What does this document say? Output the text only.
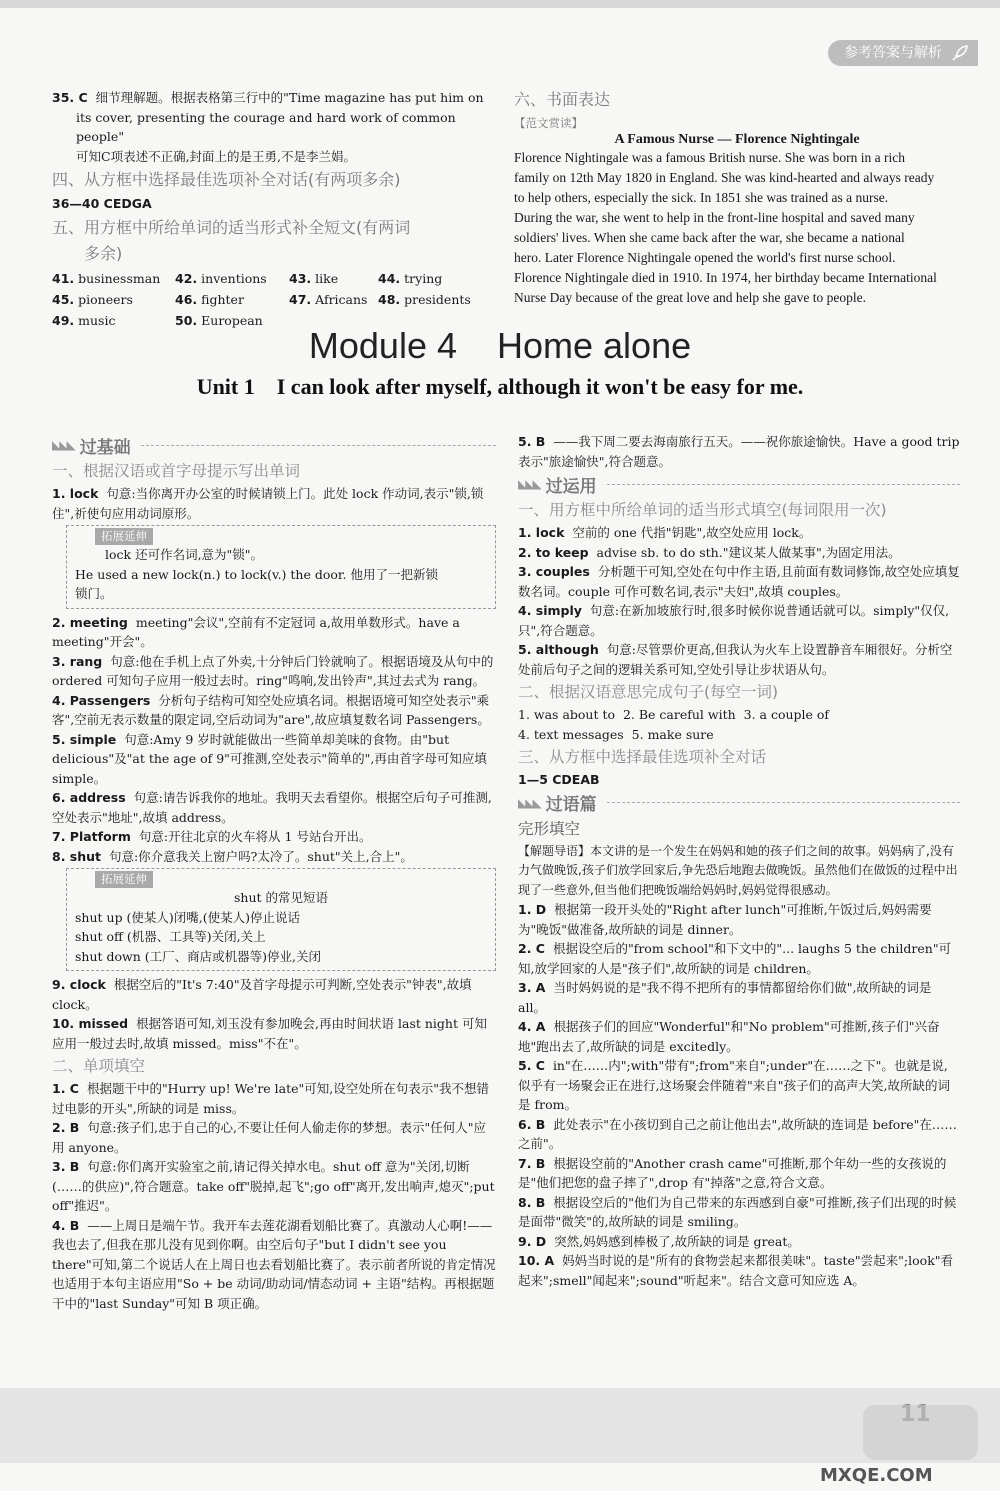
参考答案与解析

35. C 细节理解题。根据表格第三行中的"Time magazine has put him on

its cover, presenting the courage and hard work of common people"

可知C项表述不正确,封面上的是王勇,不是李兰娟。

四、从方框中选择最佳选项补全对话(有两项多余)

36—40 CEDGA

五、用方框中所给单词的适当形式补全短文(有两词
多余)
41. businessman	42. inventions	43. like	44. trying
45. pioneers	46. fighter	47. Africans 48. presidents
49. music	50. European
六、书面表达
【范文赏读】
A Famous Nurse — Florence Nightingale

Florence Nightingale was a famous British nurse. She was born in a rich

family on 12th May 1820 in England. She was kind-hearted and always ready

to help others, especially the sick. In 1851 she was trained as a nurse.

During the war, she went to help in the front-line hospital and saved many

soldiers' lives. When she came back after the war, she became a national

hero. Later Florence Nightingale opened the world's first nurse school.

Florence Nightingale died in 1910. In 1974, her birthday became International

Nurse Day because of the great love and help she gave to people.

Module 4    Home alone
Unit 1    I can look after myself, although it won't be easy for me.
◣◣◣ 过基础
一、根据汉语或首字母提示写出单词

1. lock 句意:当你离开办公室的时候请锁上门。此处 lock 作动词,表示"锁,锁住",祈使句应用动词原形。

拓展延伸

lock 还可作名词,意为"锁"。

He used a new lock(n.) to lock(v.) the door. 他用了一把新锁

锁门。

2. meeting meeting"会议",空前有不定冠词 a,故用单数形式。have a meeting"开会"。

3. rang 句意:他在手机上点了外卖,十分钟后门铃就响了。根据语境及从句中的 ordered 可知句子应用一般过去时。ring"鸣响,发出铃声",其过去式为 rang。

4. Passengers 分析句子结构可知空处应填名词。根据语境可知空处表示"乘客",空前无表示数量的限定词,空后动词为"are",故应填复数名词 Passengers。

5. simple 句意:Amy 9 岁时就能做出一些简单却美味的食物。由"but delicious"及"at the age of 9"可推测,空处表示"简单的",再由首字母可知应填 simple。

6. address 句意:请告诉我你的地址。我明天去看望你。根据空后句子可推测,空处表示"地址",故填 address。

7. Platform 句意:开往北京的火车将从 1 号站台开出。

8. shut 句意:你介意我关上窗户吗?太冷了。shut"关上,合上"。

拓展延伸

shut 的常见短语

shut up (使某人)闭嘴,(使某人)停止说话

shut off (机器、工具等)关闭,关上

shut down (工厂、商店或机器等)停业,关闭

9. clock 根据空后的"It's 7:40"及首字母提示可判断,空处表示"钟表",故填 clock。

10. missed 根据答语可知,刘玉没有参加晚会,再由时间状语 last night 可知应用一般过去时,故填 missed。miss"不在"。

二、单项填空

1. C 根据题干中的"Hurry up! We're late"可知,设空处所在句表示"我不想错过电影的开头",所缺的词是 miss。

2. B 句意:孩子们,忠于自己的心,不要让任何人偷走你的梦想。表示"任何人"应用 anyone。

3. B 句意:你们离开实验室之前,请记得关掉水电。shut off 意为"关闭,切断(……的供应)",符合题意。take off"脱掉,起飞";go off"离开,发出响声,熄灭";put off"推迟"。

4. B ——上周日是端午节。我开车去莲花湖看划船比赛了。真激动人心啊!——我也去了,但我在那儿没有见到你啊。由空后句子"but I didn't see you there"可知,第二个说话人在上周日也去看划船比赛了。表示前者所说的肯定情况也适用于本句主语应用"So + be 动词/助动词/情态动词 + 主语"结构。再根据题干中的"last Sunday"可知 B 项正确。

5. B ——我下周二要去海南旅行五天。——祝你旅途愉快。Have a good trip 表示"旅途愉快",符合题意。

◣◣◣ 过运用
一、用方框中所给单词的适当形式填空(每词限用一次)

1. lock 空前的 one 代指"钥匙",故空处应用 lock。

2. to keep advise sb. to do sth."建议某人做某事",为固定用法。

3. couples 分析题干可知,空处在句中作主语,且前面有数词修饰,故空处应填复数名词。couple 可作可数名词,表示"夫妇",故填 couples。

4. simply 句意:在新加坡旅行时,很多时候你说普通话就可以。simply"仅仅,只",符合题意。

5. although 句意:尽管票价更高,但我认为火车上设置静音车厢很好。分析空处前后句子之间的逻辑关系可知,空处引导让步状语从句。

二、根据汉语意思完成句子(每空一词)

1. was about to 2. Be careful with 3. a couple of

4. text messages 5. make sure

三、从方框中选择最佳选项补全对话

1—5 CDEAB

◣◣◣ 过语篇
完形填空

【解题导语】本文讲的是一个发生在妈妈和她的孩子们之间的故事。妈妈病了,没有力气做晚饭,孩子们放学回家后,争先恐后地跑去做晚饭。虽然他们在做饭的过程中出现了一些意外,但当他们把晚饭端给妈妈时,妈妈觉得很感动。

1. D 根据第一段开头处的"Right after lunch"可推断,午饭过后,妈妈需要为"晚饭"做准备,故所缺的词是 dinner。

2. C 根据设空后的"from school"和下文中的"... laughs 5 the children"可知,放学回家的人是"孩子们",故所缺的词是 children。

3. A 当时妈妈说的是"我不得不把所有的事情都留给你们做",故所缺的词是 all。

4. A 根据孩子们的回应"Wonderful"和"No problem"可推断,孩子们"兴奋地"跑出去了,故所缺的词是 excitedly。

5. C in"在……内";with"带有";from"来自";under"在……之下"。也就是说,似乎有一场聚会正在进行,这场聚会伴随着"来自"孩子们的高声大笑,故所缺的词是 from。

6. B 此处表示"在小孩切到自己之前让他出去",故所缺的连词是 before"在……之前"。

7. B 根据设空前的"Another crash came"可推断,那个年幼一些的女孩说的是"他们把您的盘子摔了",drop 有"掉落"之意,符合文意。

8. B 根据设空后的"他们为自己带来的东西感到自豪"可推断,孩子们出现的时候是面带"微笑"的,故所缺的词是 smiling。

9. D 突然,妈妈感到棒极了,故所缺的词是 great。

10. A 妈妈当时说的是"所有的食物尝起来都很美味"。taste"尝起来";look"看起来";smell"闻起来";sound"听起来"。结合文意可知应选 A。

MXQE.COM
